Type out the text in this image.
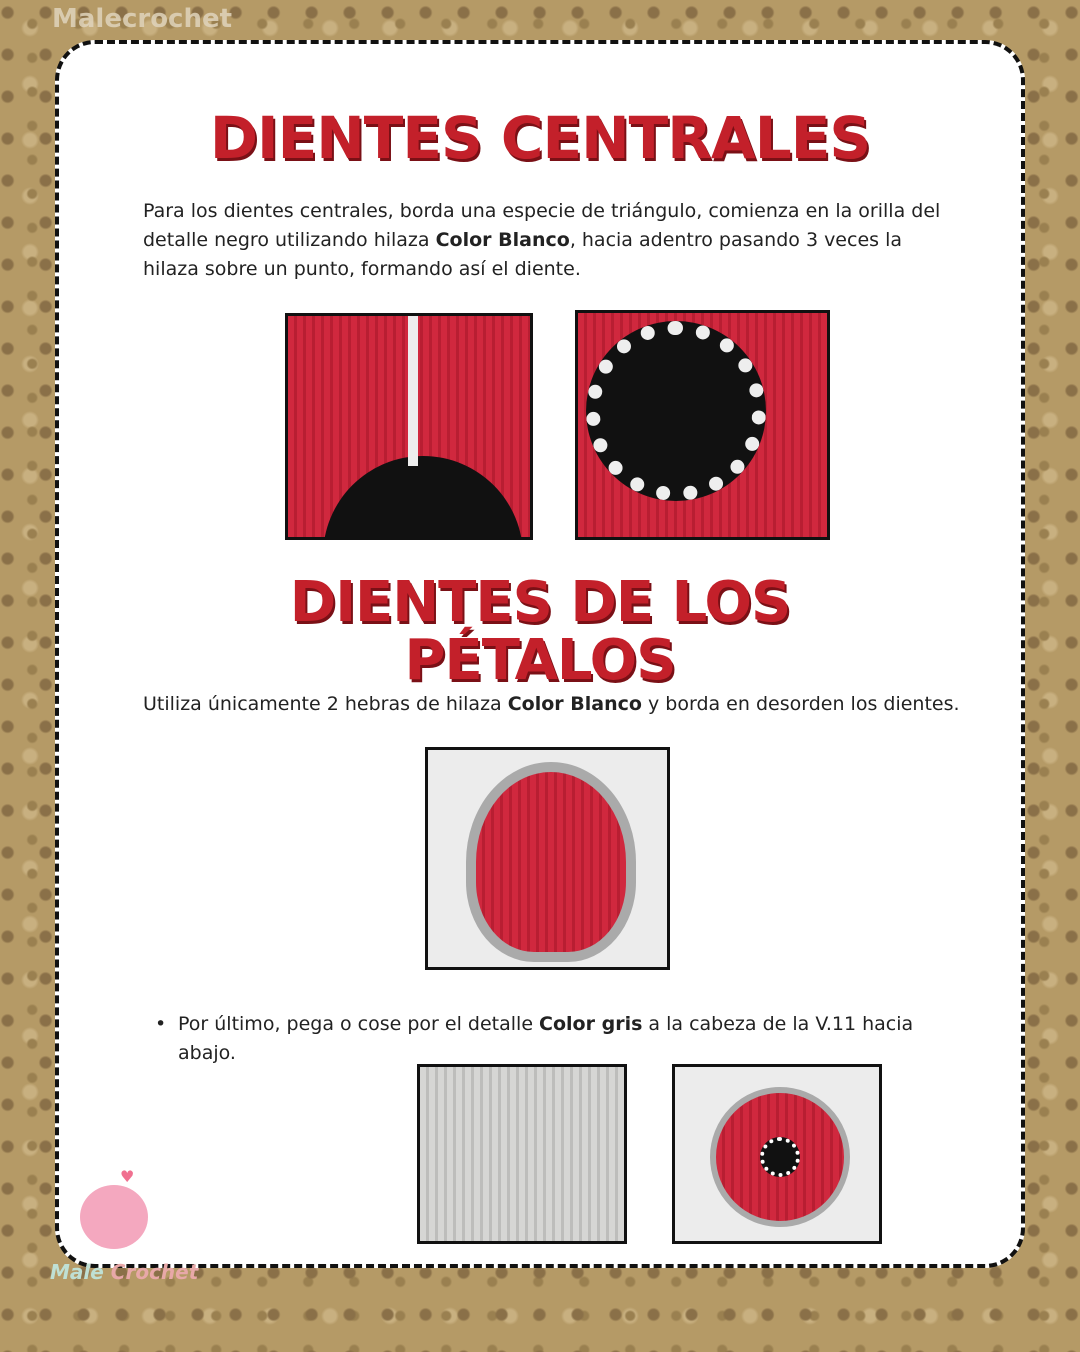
Malecrochet
DIENTES CENTRALES

Para los dientes centrales, borda una especie de triángulo, comienza en la orilla del detalle negro utilizando hilaza Color Blanco, hacia adentro pasando 3 veces la hilaza sobre un punto, formando así el diente.

DIENTES DE LOS
PÉTALOS

Utiliza únicamente 2 hebras de hilaza Color Blanco y borda en desorden los dientes.

• Por último, pega o cose por el detalle Color gris a la cabeza de la V.11 hacia abajo.
♥
Male Crochet
